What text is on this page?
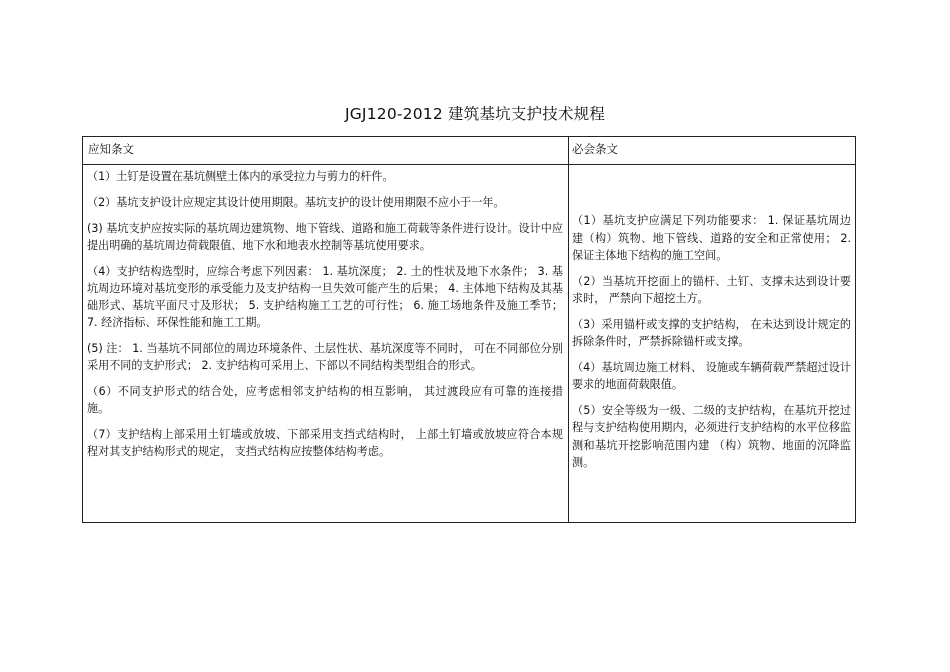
JGJ120-2012 建筑基坑支护技术规程
应知条文	必会条文

（1）土钉是设置在基坑侧壁土体内的承受拉力与剪力的杆件。

（2）基坑支护设计应规定其设计使用期限。基坑支护的设计使用期限不应小于一年。

(3) 基坑支护应按实际的基坑周边建筑物、地下管线、道路和施工荷载等条件进行设计。设计中应提出明确的基坑周边荷载限值、地下水和地表水控制等基坑使用要求。

（4）支护结构选型时，应综合考虑下列因素： 1. 基坑深度； 2. 土的性状及地下水条件； 3. 基坑周边环境对基坑变形的承受能力及支护结构一旦失效可能产生的后果； 4. 主体地下结构及其基础形式、基坑平面尺寸及形状； 5. 支护结构施工工艺的可行性； 6. 施工场地条件及施工季节； 7. 经济指标、环保性能和施工工期。

(5) 注： 1. 当基坑不同部位的周边环境条件、土层性状、基坑深度等不同时， 可在不同部位分别采用不同的支护形式； 2. 支护结构可采用上、下部以不同结构类型组合的形式。

（6）不同支护形式的结合处，应考虑相邻支护结构的相互影响， 其过渡段应有可靠的连接措施。

（7）支护结构上部采用土钉墙或放坡、下部采用支挡式结构时， 上部土钉墙或放坡应符合本规程对其支护结构形式的规定， 支挡式结构应按整体结构考虑。

（1）基坑支护应满足下列功能要求： 1. 保证基坑周边建（构）筑物、地下管线、道路的安全和正常使用； 2. 保证主体地下结构的施工空间。

（2）当基坑开挖面上的锚杆、土钉、支撑未达到设计要求时， 严禁向下超挖土方。

（3）采用锚杆或支撑的支护结构， 在未达到设计规定的拆除条件时，严禁拆除锚杆或支撑。

（4）基坑周边施工材料、 设施或车辆荷载严禁超过设计要求的地面荷载限值。

（5）安全等级为一级、二级的支护结构，在基坑开挖过程与支护结构使用期内，必须进行支护结构的水平位移监测和基坑开挖影响范围内建 （构）筑物、地面的沉降监测。
